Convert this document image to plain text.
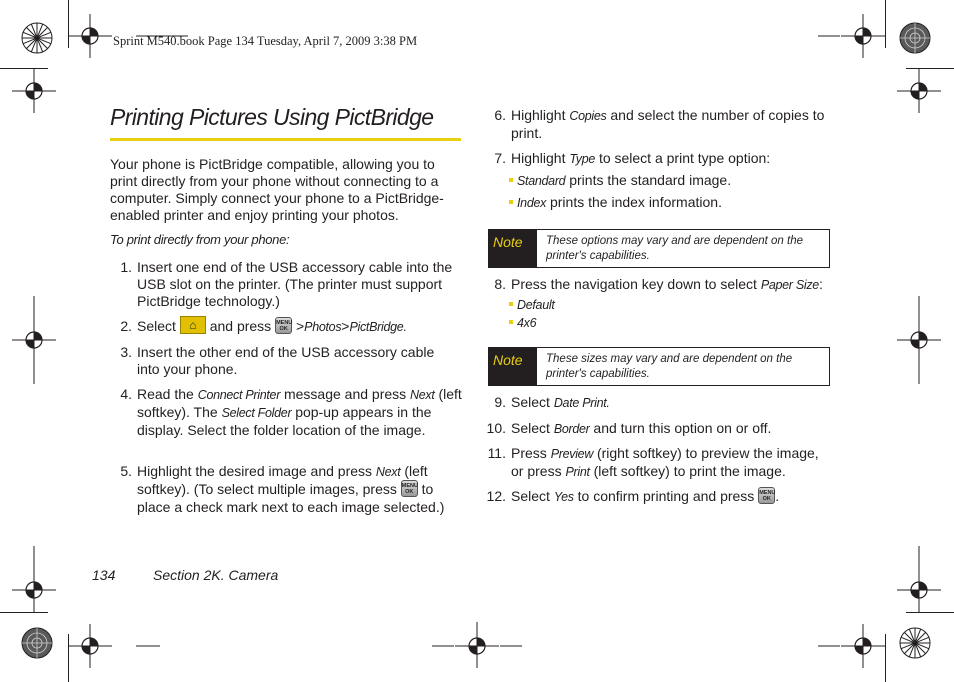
Sprint M540.book Page 134 Tuesday, April 7, 2009 3:38 PM
Printing Pictures Using PictBridge
Your phone is PictBridge compatible, allowing you to print directly from your phone without connecting to a computer. Simply connect your phone to a PictBridge-enabled printer and enjoy printing your photos.
To print directly from your phone:
1. Insert one end of the USB accessory cable into the USB slot on the printer. (The printer must support PictBridge technology.)
2. Select ⌂ and press MENU
OK >Photos>PictBridge.
3. Insert the other end of the USB accessory cable into your phone.
4. Read the Connect Printer message and press Next (left softkey). The Select Folder pop-up appears in the display. Select the folder location of the image.
5. Highlight the desired image and press Next (left softkey). (To select multiple images, press MENU
OK to place a check mark next to each image selected.)
6. Highlight Copies and select the number of copies to print.
7. Highlight Type to select a print type option:
Standard prints the standard image.
Index prints the index information.
Note	These options may vary and are dependent on the printer's capabilities.
8. Press the navigation key down to select Paper Size:
Default
4x6
Note	These sizes may vary and are dependent on the printer's capabilities.
9. Select Date Print.
10. Select Border and turn this option on or off.
11. Press Preview (right softkey) to preview the image, or press Print (left softkey) to print the image.
12. Select Yes to confirm printing and press MENU
OK .
134	Section 2K. Camera
